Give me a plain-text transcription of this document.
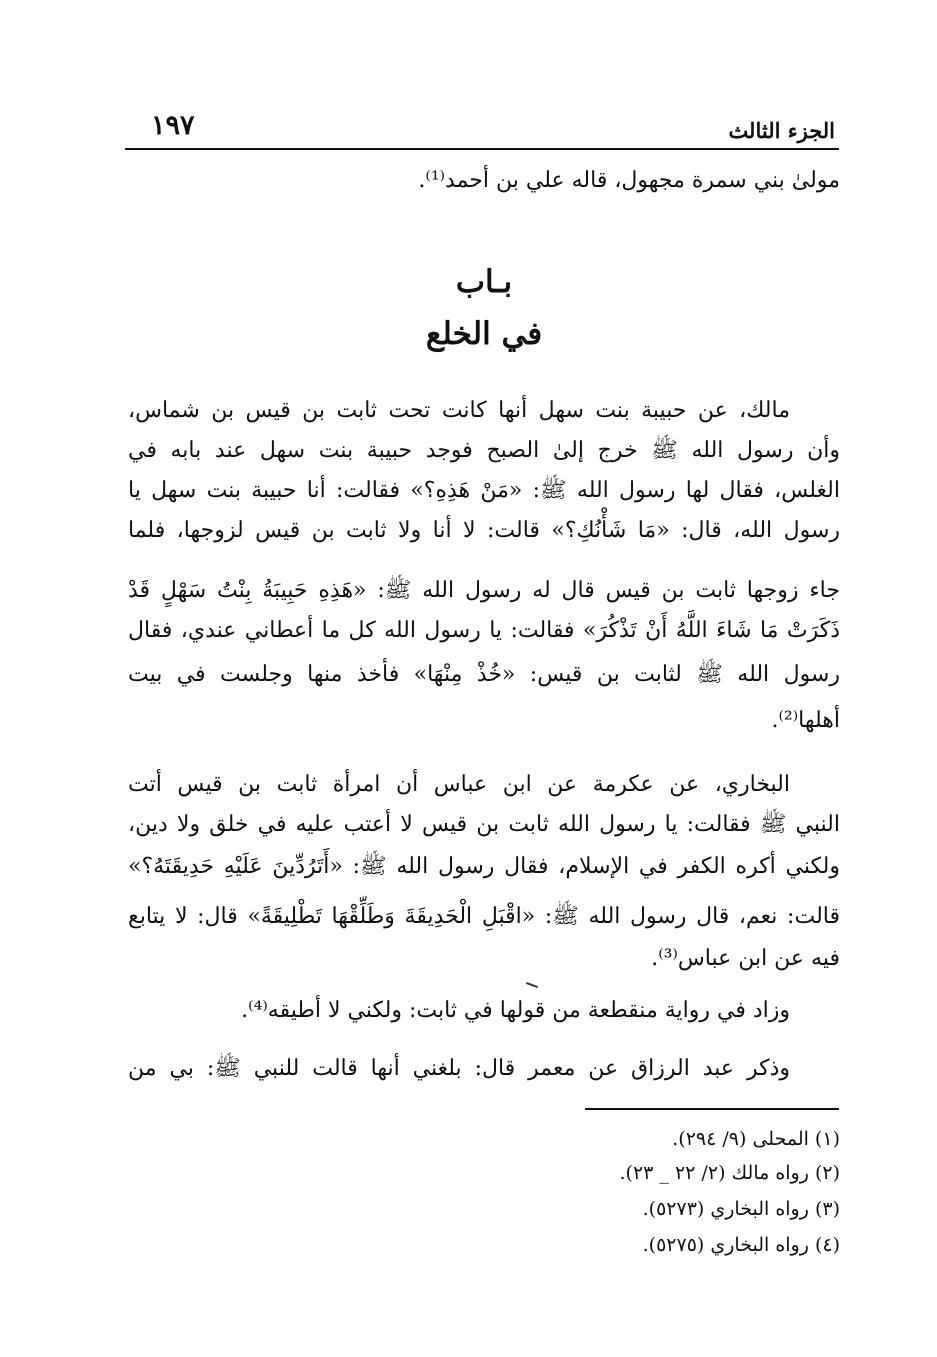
الجزء الثالث
١٩٧
مولىٰ بني سمرة مجهول، قاله علي بن أحمد⁽¹⁾.
بـاب
في الخلع
مالك، عن حبيبة بنت سهل أنها كانت تحت ثابت بن قيس بن شماس،
وأن رسول الله ﷺ خرج إلىٰ الصبح فوجد حبيبة بنت سهل عند بابه في
الغلس، فقال لها رسول الله ﷺ: «مَنْ هَذِهِ؟» فقالت: أنا حبيبة بنت سهل يا
رسول الله، قال: «مَا شَأْنُكِ؟» قالت: لا أنا ولا ثابت بن قيس لزوجها، فلما
جاء زوجها ثابت بن قيس قال له رسول الله ﷺ: «هَذِهِ حَبِيبَةُ بِنْتُ سَهْلٍ قَدْ
ذَكَرَتْ مَا شَاءَ اللَّهُ أَنْ تَذْكُرَ» فقالت: يا رسول الله كل ما أعطاني عندي، فقال
رسول الله ﷺ لثابت بن قيس: «خُذْ مِنْهَا» فأخذ منها وجلست في بيت
أهلها⁽²⁾.
البخاري، عن عكرمة عن ابن عباس أن امرأة ثابت بن قيس أتت
النبي ﷺ فقالت: يا رسول الله ثابت بن قيس لا أعتب عليه في خلق ولا دين،
ولكني أكره الكفر في الإسلام، فقال رسول الله ﷺ: «أَتَرُدِّينَ عَلَيْهِ حَدِيقَتَهُ؟»
قالت: نعم، قال رسول الله ﷺ: «اقْبَلِ الْحَدِيقَةَ وَطَلِّقْهَا تَطْلِيقَةً» قال: لا يتابع
فيه عن ابن عباس⁽³⁾.
وزاد في رواية منقطعة من قولها في ثابت: ولكني لا أطيقه⁽⁴⁾.
وذكر عبد الرزاق عن معمر قال: بلغني أنها قالت للنبي ﷺ: بي من
(١) المحلى (٩/ ٢٩٤).
(٢) رواه مالك (٢/ ٢٢ _ ٢٣).
(٣) رواه البخاري (٥٢٧٣).
(٤) رواه البخاري (٥٢٧٥).
